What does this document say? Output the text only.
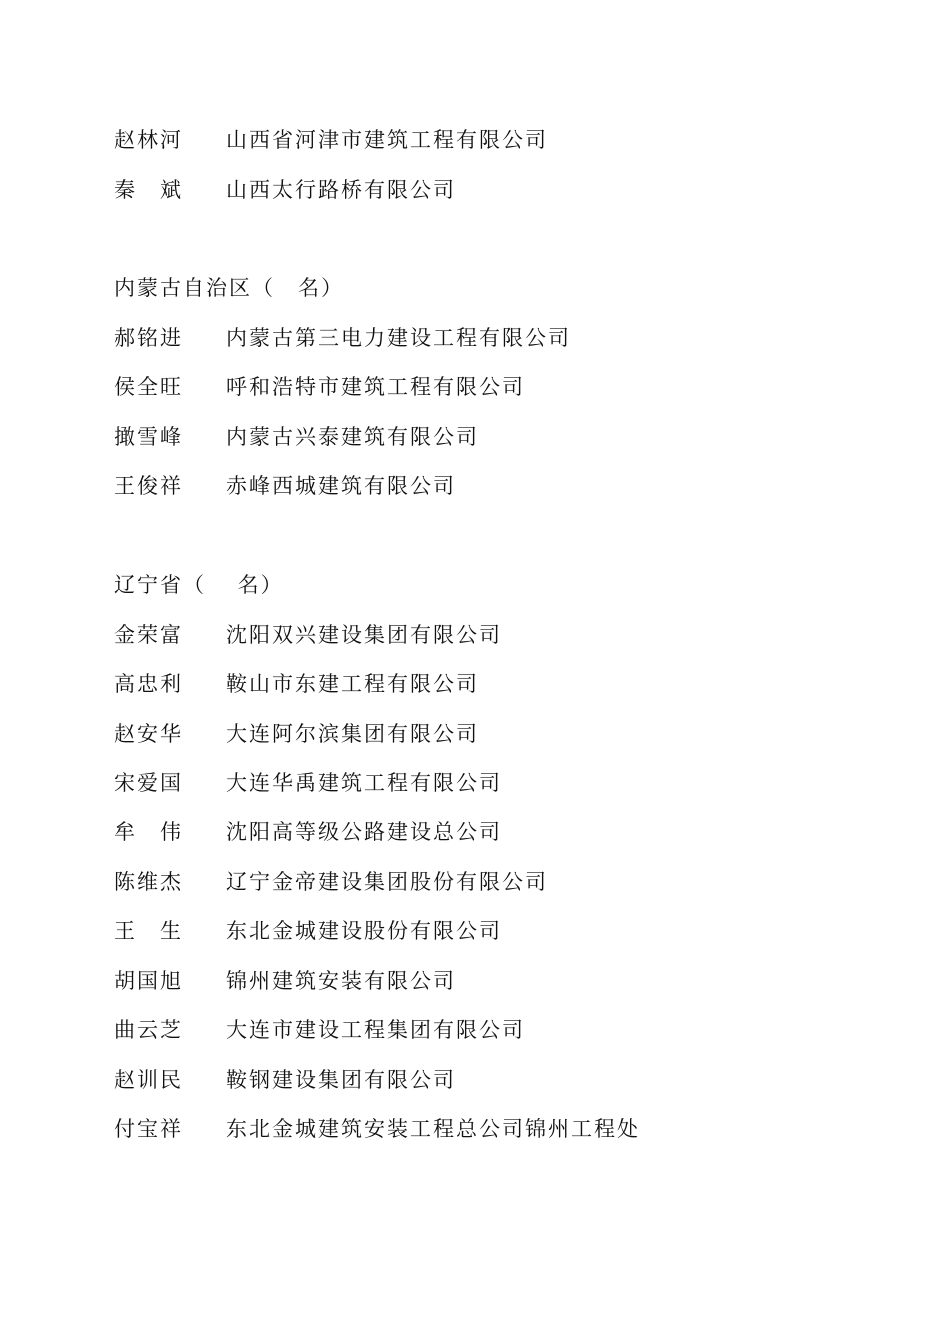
赵林河 山西省河津市建筑工程有限公司
秦　斌 山西太行路桥有限公司
内蒙古自治区（　名）
郝铭进 内蒙古第三电力建设工程有限公司
侯全旺 呼和浩特市建筑工程有限公司
撖雪峰 内蒙古兴泰建筑有限公司
王俊祥 赤峰西城建筑有限公司
辽宁省（　 名）
金荣富 沈阳双兴建设集团有限公司
高忠利 鞍山市东建工程有限公司
赵安华 大连阿尔滨集团有限公司
宋爱国 大连华禹建筑工程有限公司
牟　伟 沈阳高等级公路建设总公司
陈维杰 辽宁金帝建设集团股份有限公司
王　生 东北金城建设股份有限公司
胡国旭 锦州建筑安装有限公司
曲云芝 大连市建设工程集团有限公司
赵训民 鞍钢建设集团有限公司
付宝祥 东北金城建筑安装工程总公司锦州工程处
